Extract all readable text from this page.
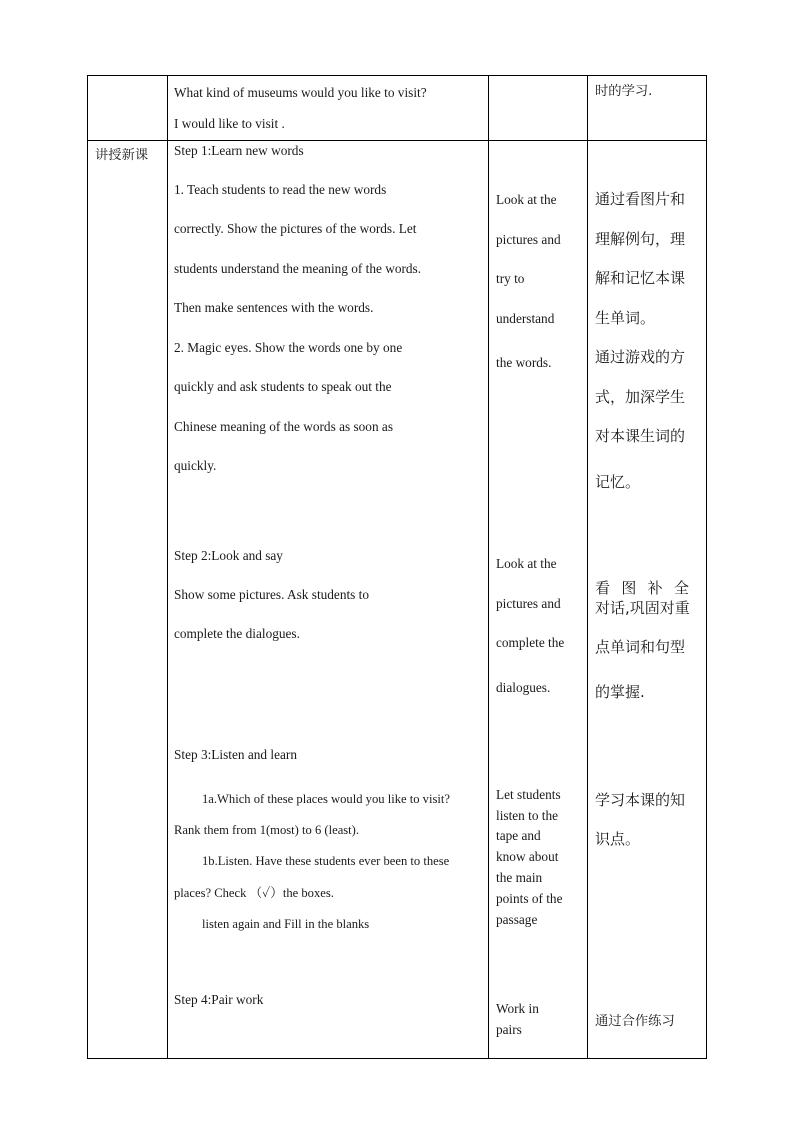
What kind of museums would you like to visit?
I would like to visit .
时的学习.
讲授新课 Step 1:Learn new words
1. Teach students to read the new words
correctly. Show the pictures of the words. Let
students understand the meaning of the words.
Then make sentences with the words.
2. Magic eyes. Show the words one by one
quickly and ask students to speak out the
Chinese meaning of the words as soon as
quickly.
Look at the
pictures and
try to
understand
the words.
通过看图片和
理解例句，理
解和记忆本课
生单词。
通过游戏的方
式，加深学生
对本课生词的
记忆。
Step 2:Look and say
Show some pictures. Ask students to
complete the dialogues.
Look at the
pictures and
complete the
dialogues.
看 图 补 全
对话,巩固对重
点单词和句型
的掌握.
Step 3:Listen and learn
1a.Which of these places would you like to visit?
Rank them from 1(most) to 6 (least).
1b.Listen. Have these students ever been to these
places? Check （✓）the boxes.
listen again and Fill in the blanks
Let students
listen to the
tape and
know about
the main
points of the
passage
学习本课的知
识点。
Step 4:Pair work
Work in
pairs
通过合作练习
